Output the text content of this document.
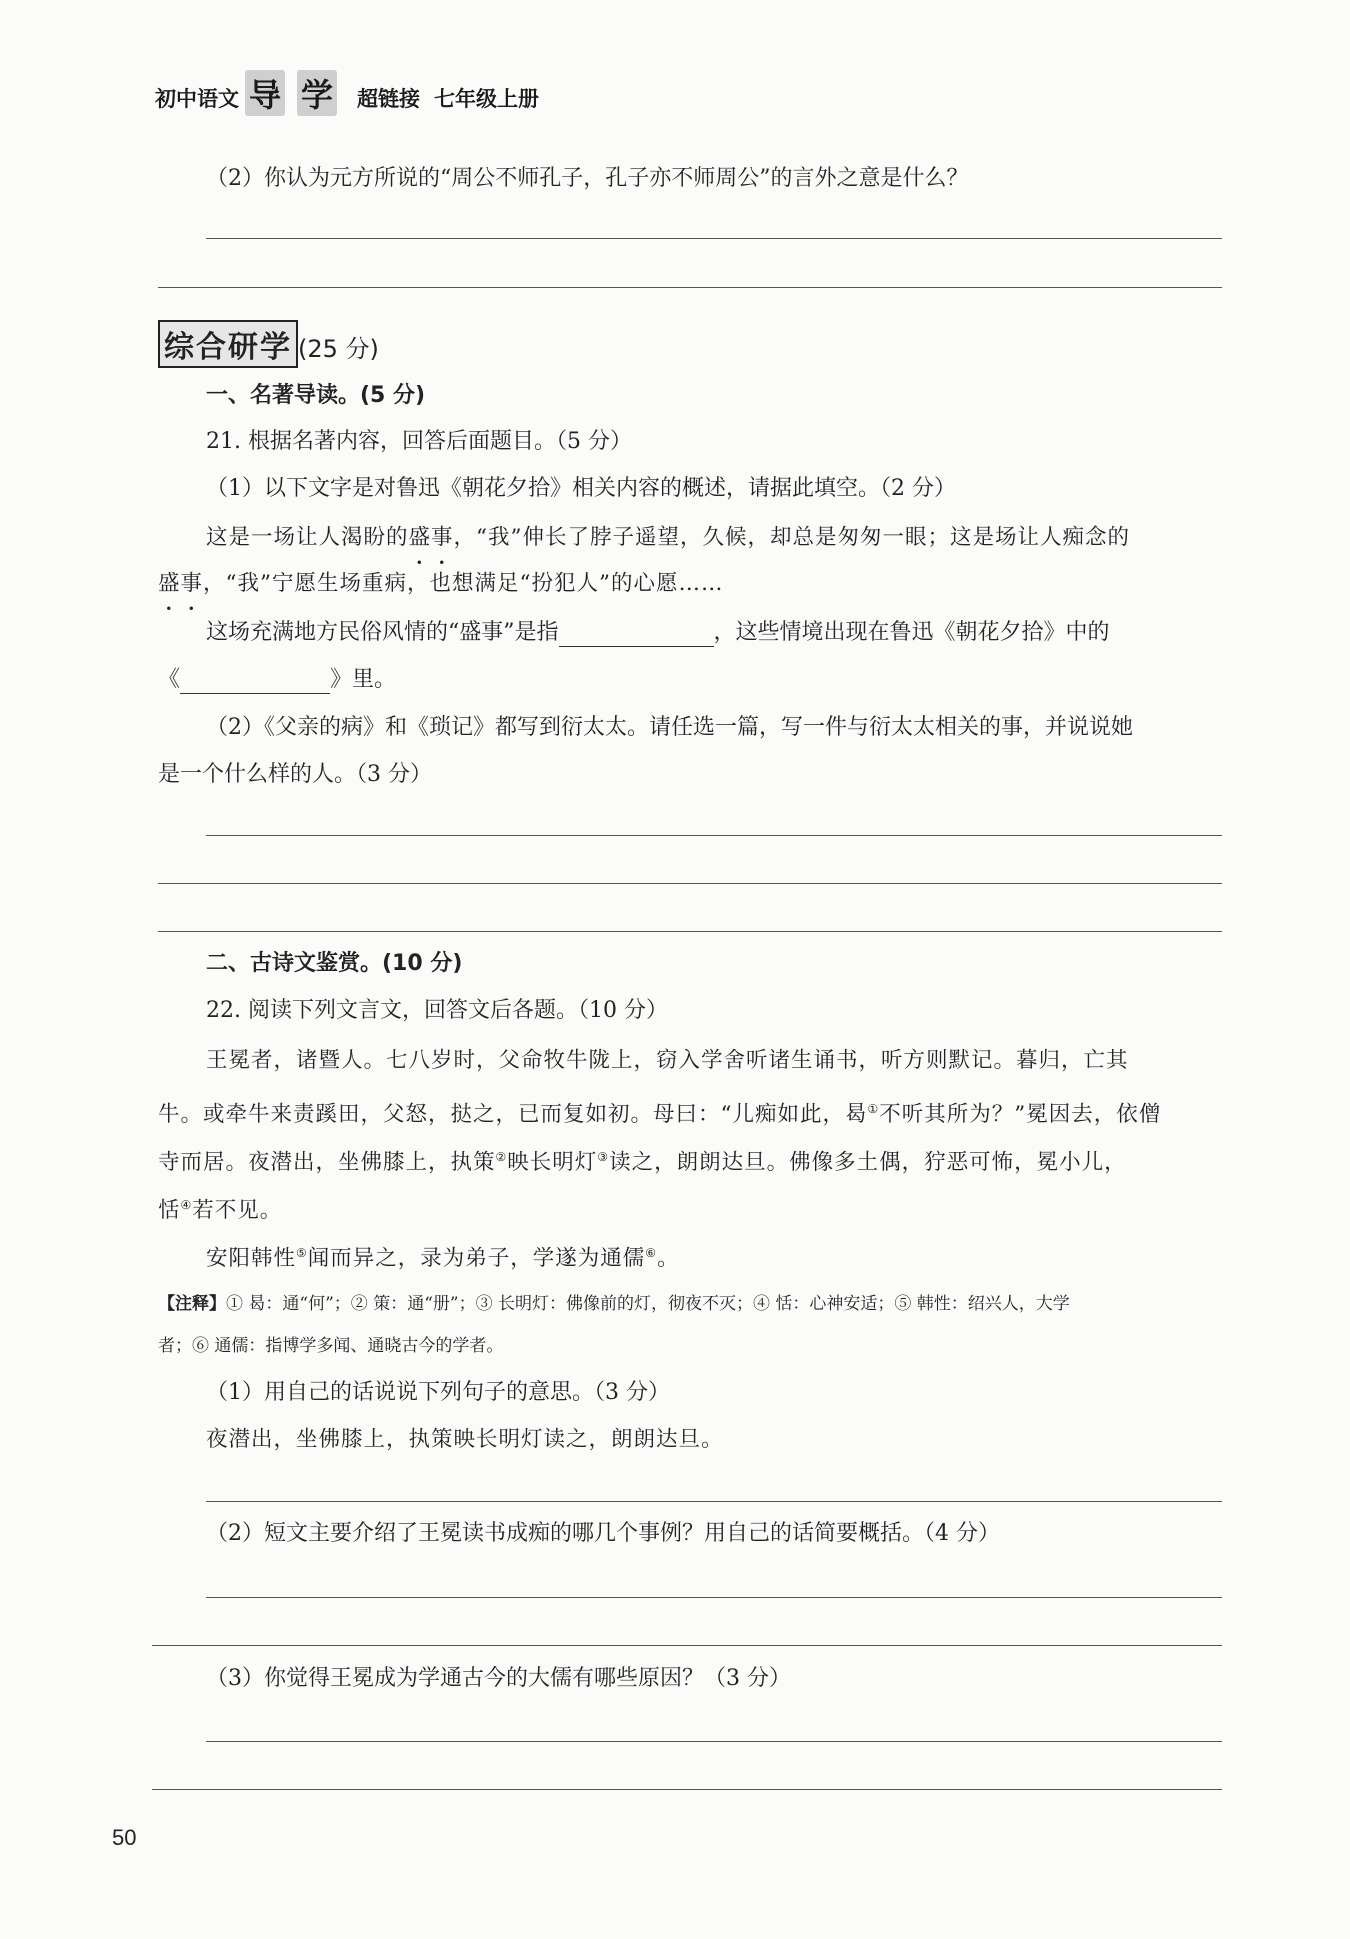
初中语文 导 学 超链接 七年级上册
（2）你认为元方所说的“周公不师孔子，孔子亦不师周公”的言外之意是什么？
综合研学 (25 分)
一、名著导读。(5 分)
21. 根据名著内容，回答后面题目。（5 分）
（1）以下文字是对鲁迅《朝花夕拾》相关内容的概述，请据此填空。（2 分）
这是一场让人渴盼的盛事，“我”伸长了脖子遥望，久候，却总是匆匆一眼；这是场让人痴念的
盛事，“我”宁愿生场重病，也想满足“扮犯人”的心愿……
这场充满地方民俗风情的“盛事”是指	，这些情境出现在鲁迅《朝花夕拾》中的
《	》里。
（2）《父亲的病》和《琐记》都写到衍太太。请任选一篇，写一件与衍太太相关的事，并说说她
是一个什么样的人。（3 分）
二、古诗文鉴赏。(10 分)
22. 阅读下列文言文，回答文后各题。（10 分）
王冕者，诸暨人。七八岁时，父命牧牛陇上，窃入学舍听诸生诵书，听方则默记。暮归，亡其
牛。或牵牛来责蹊田，父怒，挞之，已而复如初。母曰：“儿痴如此，曷①不听其所为？”冕因去，依僧
寺而居。夜潜出，坐佛膝上，执策②映长明灯③读之，朗朗达旦。佛像多土偶，狞恶可怖，冕小儿，
恬④若不见。
安阳韩性⑤闻而异之，录为弟子，学遂为通儒⑥。
【注释】① 曷：通“何”；② 策：通“册”；③ 长明灯：佛像前的灯，彻夜不灭；④ 恬：心神安适；⑤ 韩性：绍兴人，大学
者；⑥ 通儒：指博学多闻、通晓古今的学者。
（1）用自己的话说说下列句子的意思。（3 分）
夜潜出，坐佛膝上，执策映长明灯读之，朗朗达旦。
（2）短文主要介绍了王冕读书成痴的哪几个事例？用自己的话简要概括。（4 分）
（3）你觉得王冕成为学通古今的大儒有哪些原因？（3 分）
50
